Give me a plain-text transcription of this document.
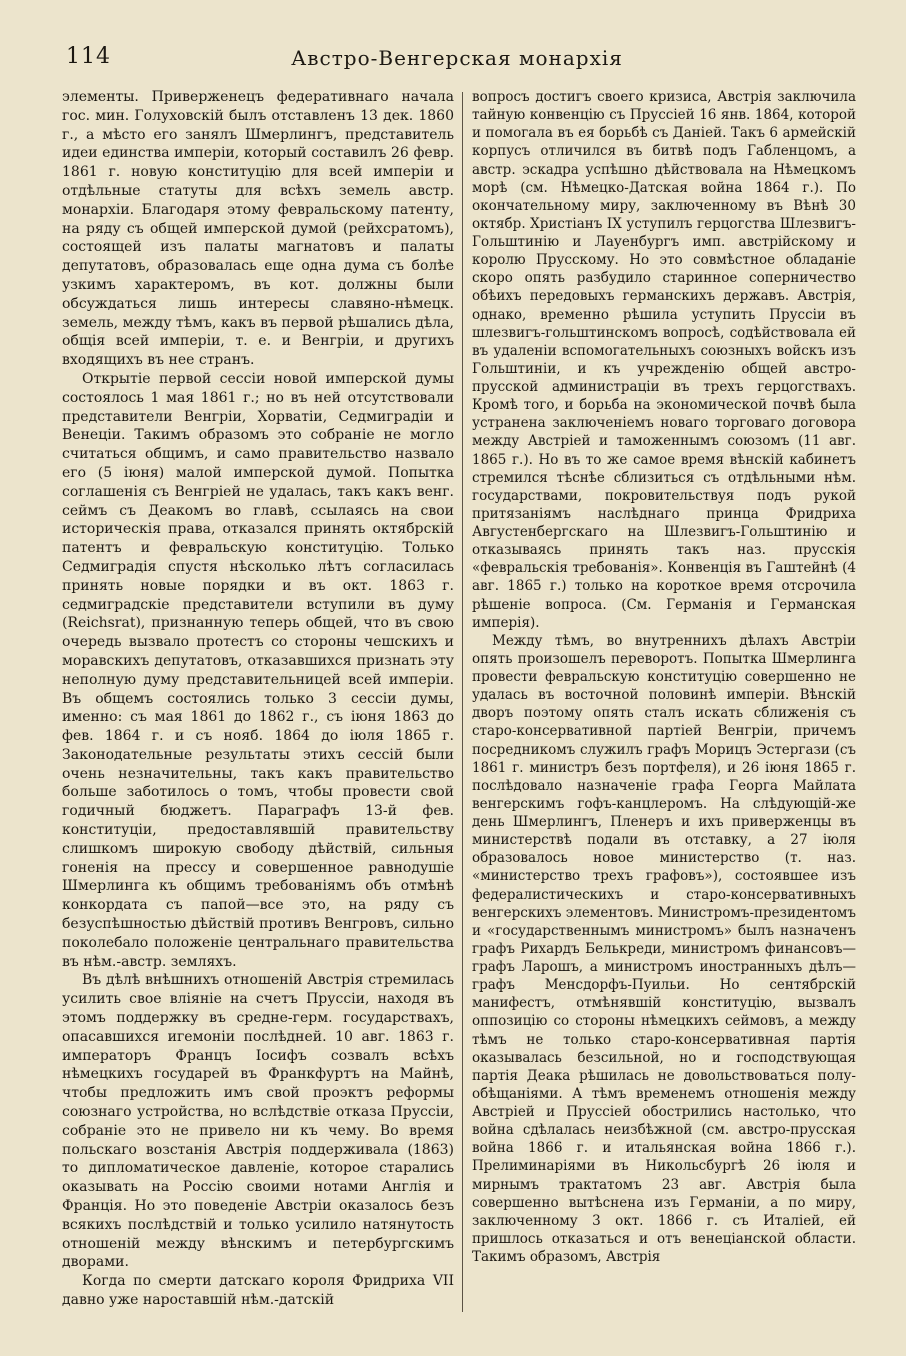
114	Австро-Венгерская монархія

элементы. Приверженецъ федеративнаго начала гос. мин. Голуховскій былъ отставленъ 13 дек. 1860 г., а мѣсто его занялъ Шмерлингъ, представитель идеи единства имперіи, который составилъ 26 февр. 1861 г. новую конституцію для всей имперіи и отдѣльные статуты для всѣхъ земель австр. монархіи. Благодаря этому февральскому патенту, на ряду съ общей имперской думой (рейхсратомъ), состоящей изъ палаты магнатовъ и палаты депутатовъ, образовалась еще одна дума съ болѣе узкимъ характеромъ, въ кот. должны были обсуждаться лишь интересы славяно-нѣмецк. земель, между тѣмъ, какъ въ первой рѣшались дѣла, общія всей имперіи, т. е. и Венгріи, и другихъ входящихъ въ нее странъ.

Открытіе первой сессіи новой имперской думы состоялось 1 мая 1861 г.; но въ ней отсутствовали представители Венгріи, Хорватіи, Седмиградіи и Венеціи. Такимъ образомъ это собраніе не могло считаться общимъ, и само правительство назвало его (5 іюня) малой имперской думой. Попытка соглашенія съ Венгріей не удалась, такъ какъ венг. сеймъ съ Деакомъ во главѣ, ссылаясь на свои историческія права, отказался принять октябрскій патентъ и февральскую конституцію. Только Седмиградія спустя нѣсколько лѣтъ согласилась принять новые порядки и въ окт. 1863 г. седмиградскіе представители вступили въ думу (Reichsrat), признанную теперь общей, что въ свою очередь вызвало протестъ со стороны чешскихъ и моравскихъ депутатовъ, отказавшихся признать эту неполную думу представительницей всей имперіи. Въ общемъ состоялись только 3 сессіи думы, именно: съ мая 1861 до 1862 г., съ іюня 1863 до фев. 1864 г. и съ нояб. 1864 до іюля 1865 г. Законодательные результаты этихъ сессій были очень незначительны, такъ какъ правительство больше заботилось о томъ, чтобы провести свой годичный бюджетъ. Параграфъ 13-й фев. конституціи, предоставлявшій правительству слишкомъ широкую свободу дѣйствій, сильныя гоненія на прессу и совершенное равнодушіе Шмерлинга къ общимъ требованіямъ объ отмѣнѣ конкордата съ папой—все это, на ряду съ безуспѣшностью дѣйствій противъ Венгровъ, сильно поколебало положеніе центральнаго правительства въ нѣм.-австр. земляхъ.

Въ дѣлѣ внѣшнихъ отношеній Австрія стремилась усилить свое вліяніе на счетъ Пруссіи, находя въ этомъ поддержку въ средне-герм. государствахъ, опасавшихся игемоніи послѣдней. 10 авг. 1863 г. императоръ Францъ Іосифъ созвалъ всѣхъ нѣмецкихъ государей въ Франкфуртъ на Майнѣ, чтобы предложить имъ свой проэктъ реформы союзнаго устройства, но вслѣдствіе отказа Пруссіи, собраніе это не привело ни къ чему. Во время польскаго возстанія Австрія поддерживала (1863) то дипломатическое давленіе, которое старались оказывать на Россію своими нотами Англія и Франція. Но это поведеніе Австріи оказалось безъ всякихъ послѣдствій и только усилило натянутость отношеній между вѣнскимъ и петербургскимъ дворами.

Когда по смерти датскаго короля Фридриха VII давно уже наростaвшій нѣм.-датскій

вопросъ достигъ своего кризиса, Австрія заключила тайную конвенцію съ Пруссіей 16 янв. 1864, которой и помогала въ ея борьбѣ съ Даніей. Такъ 6 армейскій корпусъ отличился въ битвѣ подъ Габленцомъ, а австр. эскадра успѣшно дѣйствовала на Нѣмецкомъ морѣ (см. Нѣмецко-Датская война 1864 г.). По окончательному миру, заключенному въ Вѣнѣ 30 октябр. Христіанъ IX уступилъ герцогства Шлезвигъ-Гольштинію и Лауенбургъ имп. австрійскому и королю Прусскому. Но это совмѣстное обладаніе скоро опять разбудило старинное соперничество обѣихъ передовыхъ германскихъ державъ. Австрія, однако, временно рѣшила уступить Пруссіи въ шлезвигъ-гольштинскомъ вопросѣ, содѣйствовала ей въ удаленіи вспомогательныхъ союзныхъ войскъ изъ Гольштиніи, и къ учрежденію общей австро-прусской администраціи въ трехъ герцогствахъ. Кромѣ того, и борьба на экономической почвѣ была устранена заключеніемъ новаго торговаго договора между Австріей и таможеннымъ союзомъ (11 авг. 1865 г.). Но въ то же самое время вѣнскій кабинетъ стремился тѣснѣе сблизиться съ отдѣльными нѣм. государствами, покровительствуя подъ рукой притязаніямъ наслѣднаго принца Фридриха Августенбергскаго на Шлезвигъ-Гольштинію и отказываясь принять такъ наз. прусскія «февральскія требованія». Конвенція въ Гаштейнѣ (4 авг. 1865 г.) только на короткое время отсрочила рѣшеніе вопроса. (См. Германія и Германская имперія).

Между тѣмъ, во внутреннихъ дѣлахъ Австріи опять произошелъ переворотъ. Попытка Шмерлинга провести февральскую конституцію совершенно не удалась въ восточной половинѣ имперіи. Вѣнскій дворъ поэтому опять сталъ искать сближенія съ старо-консервативной партіей Венгріи, причемъ посредникомъ служилъ графъ Морицъ Эстергази (съ 1861 г. министръ безъ портфеля), и 26 іюня 1865 г. послѣдовало назначеніе графа Георга Майлата венгерскимъ гофъ-канцлеромъ. На слѣдующій-же день Шмерлингъ, Пленеръ и ихъ приверженцы въ министерствѣ подали въ отставку, а 27 іюля образовалось новое министерство (т. наз. «министерство трехъ графовъ»), состоявшее изъ федералистическихъ и старо-консервативныхъ венгерскихъ элементовъ. Министромъ-президентомъ и «государственнымъ министромъ» былъ назначенъ графъ Рихардъ Белькреди, министромъ финансовъ—графъ Ларошъ, а министромъ иностранныхъ дѣлъ—графъ Менсдорфъ-Пуильи. Но сентябрскій манифестъ, отмѣнявшій конституцію, вызвалъ оппозицію со стороны нѣмецкихъ сеймовъ, а между тѣмъ не только старо-консервативная партія оказывалась безсильной, но и господствующая партія Деака рѣшилась не довольствоваться полу-обѣщаніями. А тѣмъ временемъ отношенія между Австріей и Пруссіей обострились настолько, что война сдѣлалась неизбѣжной (см. австро-прусская война 1866 г. и итальянская война 1866 г.). Прелиминаріями въ Никольсбургѣ 26 іюля и мирнымъ трактатомъ 23 авг. Австрія была совершенно вытѣснена изъ Германіи, а по миру, заключенному 3 окт. 1866 г. съ Италіей, ей пришлось отказаться и отъ венеціанской области. Такимъ образомъ, Австрія
